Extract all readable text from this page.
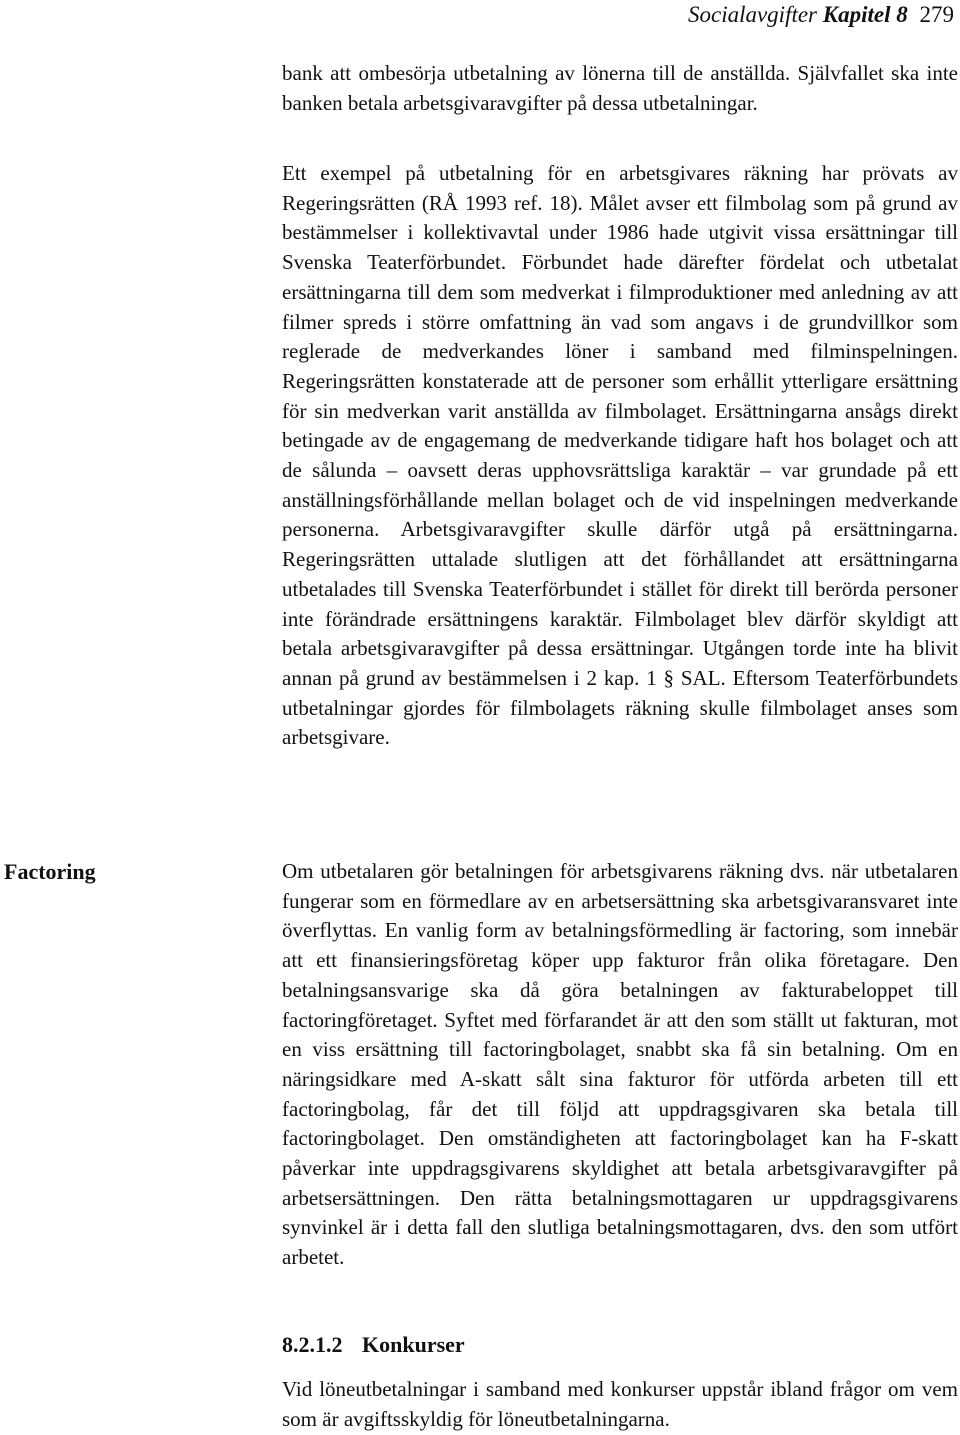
Socialavgifter Kapitel 8 279

bank att ombesörja utbetalning av lönerna till de anställda. Självfallet ska inte banken betala arbetsgivaravgifter på dessa utbetalningar.

Ett exempel på utbetalning för en arbetsgivares räkning har prövats av Regeringsrätten (RÅ 1993 ref. 18). Målet avser ett filmbolag som på grund av bestämmelser i kollektivavtal under 1986 hade utgivit vissa ersättningar till Svenska Teaterförbundet. Förbundet hade därefter fördelat och utbetalat ersättningarna till dem som medverkat i filmproduktioner med anledning av att filmer spreds i större omfattning än vad som angavs i de grundvillkor som reglerade de medverkandes löner i samband med filminspelningen. Regeringsrätten konstaterade att de personer som erhållit ytterligare ersättning för sin medverkan varit anställda av filmbolaget. Ersättningarna ansågs direkt betingade av de engagemang de medverkande tidigare haft hos bolaget och att de sålunda – oavsett deras upphovsrättsliga karaktär – var grundade på ett anställningsförhållande mellan bolaget och de vid inspelningen medverkande personerna. Arbetsgivaravgifter skulle därför utgå på ersättningarna. Regeringsrätten uttalade slutligen att det förhållandet att ersättningarna utbetalades till Svenska Teaterförbundet i stället för direkt till berörda personer inte förändrade ersättningens karaktär. Filmbolaget blev därför skyldigt att betala arbetsgivaravgifter på dessa ersättningar. Utgången torde inte ha blivit annan på grund av bestämmelsen i 2 kap. 1 § SAL. Eftersom Teaterförbundets utbetalningar gjordes för filmbolagets räkning skulle filmbolaget anses som arbetsgivare.

Factoring	Om utbetalaren gör betalningen för arbetsgivarens räkning dvs. när utbetalaren fungerar som en förmedlare av en arbetsersättning ska arbetsgivaransvaret inte överflyttas. En vanlig form av betalningsförmedling är factoring, som innebär att ett finansieringsföretag köper upp fakturor från olika företagare. Den betalningsansvarige ska då göra betalningen av fakturabeloppet till factoringföretaget. Syftet med förfarandet är att den som ställt ut fakturan, mot en viss ersättning till factoringbolaget, snabbt ska få sin betalning. Om en näringsidkare med A-skatt sålt sina fakturor för utförda arbeten till ett factoringbolag, får det till följd att uppdragsgivaren ska betala till factoringbolaget. Den omständigheten att factoringbolaget kan ha F-skatt påverkar inte uppdragsgivarens skyldighet att betala arbetsgivaravgifter på arbetsersättningen. Den rätta betalningsmottagaren ur uppdragsgivarens synvinkel är i detta fall den slutliga betalningsmottagaren, dvs. den som utfört arbetet.

8.2.1.2 Konkurser

Vid löneutbetalningar i samband med konkurser uppstår ibland frågor om vem som är avgiftsskyldig för löneutbetalningarna.
